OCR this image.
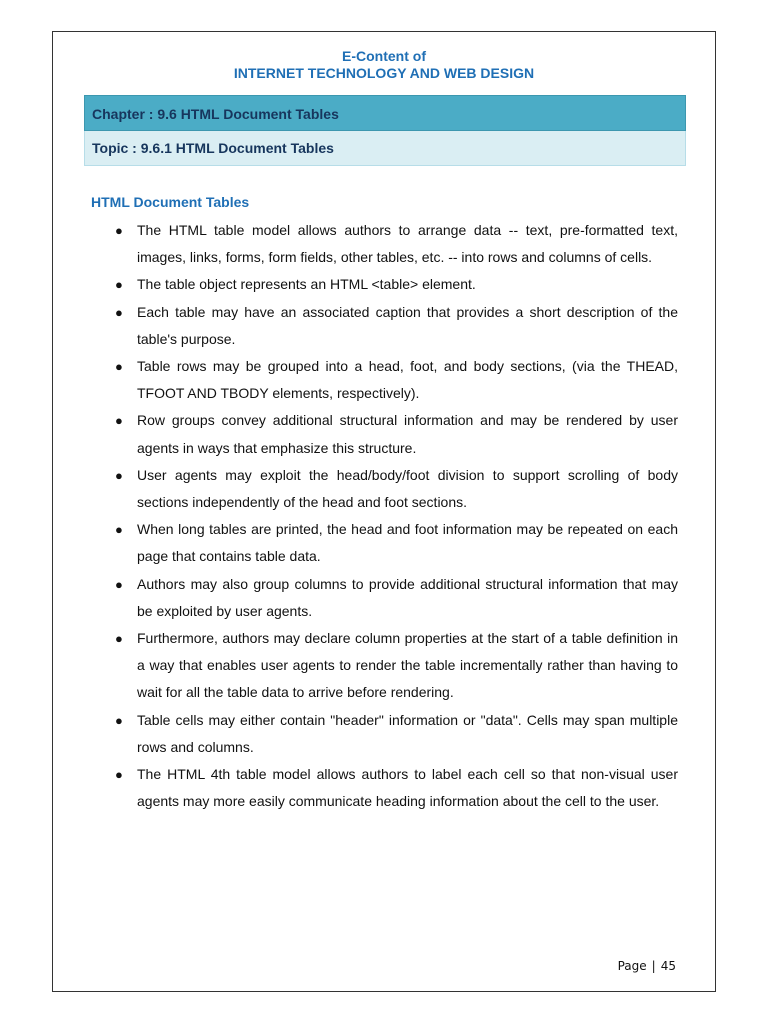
E-Content of
INTERNET TECHNOLOGY AND WEB DESIGN
Chapter : 9.6 HTML Document Tables
Topic : 9.6.1 HTML Document Tables
HTML Document Tables
● The HTML table model allows authors to arrange data -- text, pre-formatted text, images, links, forms, form fields, other tables, etc. -- into rows and columns of cells.
● The table object represents an HTML <table> element.
● Each table may have an associated caption that provides a short description of the table's purpose.
● Table rows may be grouped into a head, foot, and body sections, (via the THEAD, TFOOT AND TBODY elements, respectively).
● Row groups convey additional structural information and may be rendered by user agents in ways that emphasize this structure.
● User agents may exploit the head/body/foot division to support scrolling of body sections independently of the head and foot sections.
● When long tables are printed, the head and foot information may be repeated on each page that contains table data.
● Authors may also group columns to provide additional structural information that may be exploited by user agents.
● Furthermore, authors may declare column properties at the start of a table definition in a way that enables user agents to render the table incrementally rather than having to wait for all the table data to arrive before rendering.
● Table cells may either contain "header" information or "data". Cells may span multiple rows and columns.
● The HTML 4th table model allows authors to label each cell so that non-visual user agents may more easily communicate heading information about the cell to the user.
Page | 45
